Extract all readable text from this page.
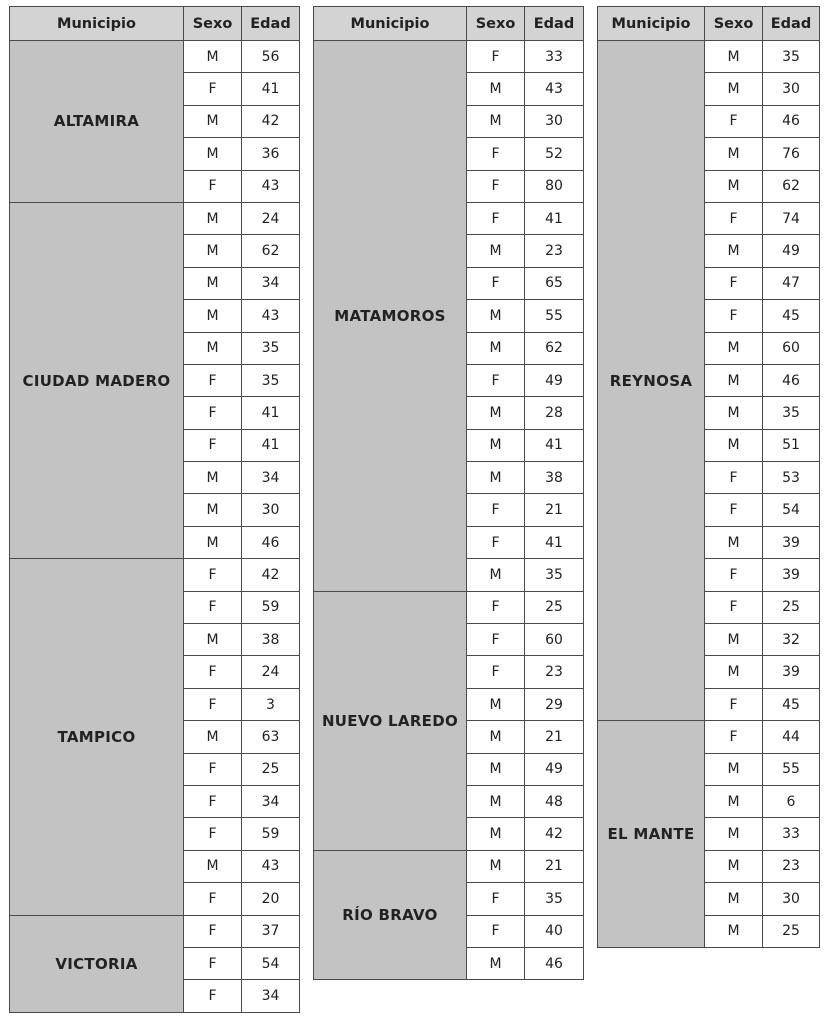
Municipio	Sexo	Edad
ALTAMIRA	M	56
	F	41
	M	42
	M	36
	F	43
CIUDAD MADERO	M	24
	M	62
	M	34
	M	43
	M	35
	F	35
	F	41
	F	41
	M	34
	M	30
	M	46
TAMPICO	F	42
	F	59
	M	38
	F	24
	F	3
	M	63
	F	25
	F	34
	F	59
	M	43
	F	20
VICTORIA	F	37
	F	54
	F	34
Municipio	Sexo	Edad
MATAMOROS	F	33
	M	43
	M	30
	F	52
	F	80
	F	41
	M	23
	F	65
	M	55
	M	62
	F	49
	M	28
	M	41
	M	38
	F	21
	F	41
	M	35
NUEVO LAREDO	F	25
	F	60
	F	23
	M	29
	M	21
	M	49
	M	48
	M	42
RÍO BRAVO	M	21
	F	35
	F	40
	M	46
Municipio	Sexo	Edad
REYNOSA	M	35
	M	30
	F	46
	M	76
	M	62
	F	74
	M	49
	F	47
	F	45
	M	60
	M	46
	M	35
	M	51
	F	53
	F	54
	M	39
	F	39
	F	25
	M	32
	M	39
	F	45
EL MANTE	F	44
	M	55
	M	6
	M	33
	M	23
	M	30
	M	25
